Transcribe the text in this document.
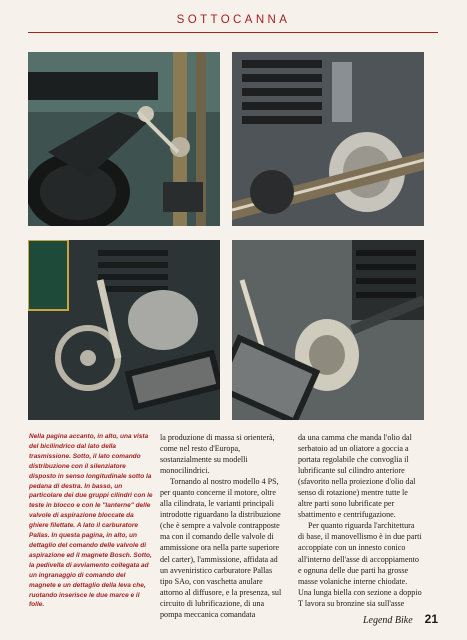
SOTTOCANNA

Nella pagina accanto, in alto, una vista del bicilindrico dal lato della trasmissione. Sotto, il lato comando distribuzione con il silenziatore disposto in senso longitudinale sotto la pedana di destra. In basso, un particolare dei due gruppi cilindri con le teste in blocco e con le "lanterne" delle valvole di aspirazione bloccate da ghiere filettate. A lato il carburatore Pallas. In questa pagina, in alto, un dettaglio del comando delle valvole di aspirazione ed il magnete Bosch. Sotto, la pedivella di avviamento collegata ad un ingranaggio di comando del magnete e un dettaglio della leva che, ruotando inserisce le due marce e il folle.

la produzione di massa si orienterà, come nel resto d'Europa, sostanzialmente su modelli monocilindrici.

Tornando al nostro modello 4 PS, per quanto concerne il motore, oltre alla cilindrata, le varianti principali introdotte riguardano la distribuzione (che è sempre a valvole contrapposte ma con il comando delle valvole di ammissione ora nella parte superiore del carter), l'ammissione, affidata ad un avveniristico carburatore Pallas tipo SAo, con vaschetta anulare attorno al diffusore, e la presenza, sul circuito di lubrificazione, di una pompa meccanica comandata

da una camma che manda l'olio dal serbatoio ad un oliatore a goccia a portata regolabile che convoglia il lubrificante sul cilindro anteriore (sfavorito nella proiezione d'olio dal senso di rotazione) mentre tutte le altre parti sono lubrificate per sbattimento e centrifugazione.

Per quanto riguarda l'architettura di base, il manovellismo è in due parti accoppiate con un innesto conico all'interno dell'asse di accoppiamento e ognuna delle due parti ha grosse masse volaniche interne chiodate. Una lunga biella con sezione a doppio T lavora su bronzine sia sull'asse

Legend Bike 21
